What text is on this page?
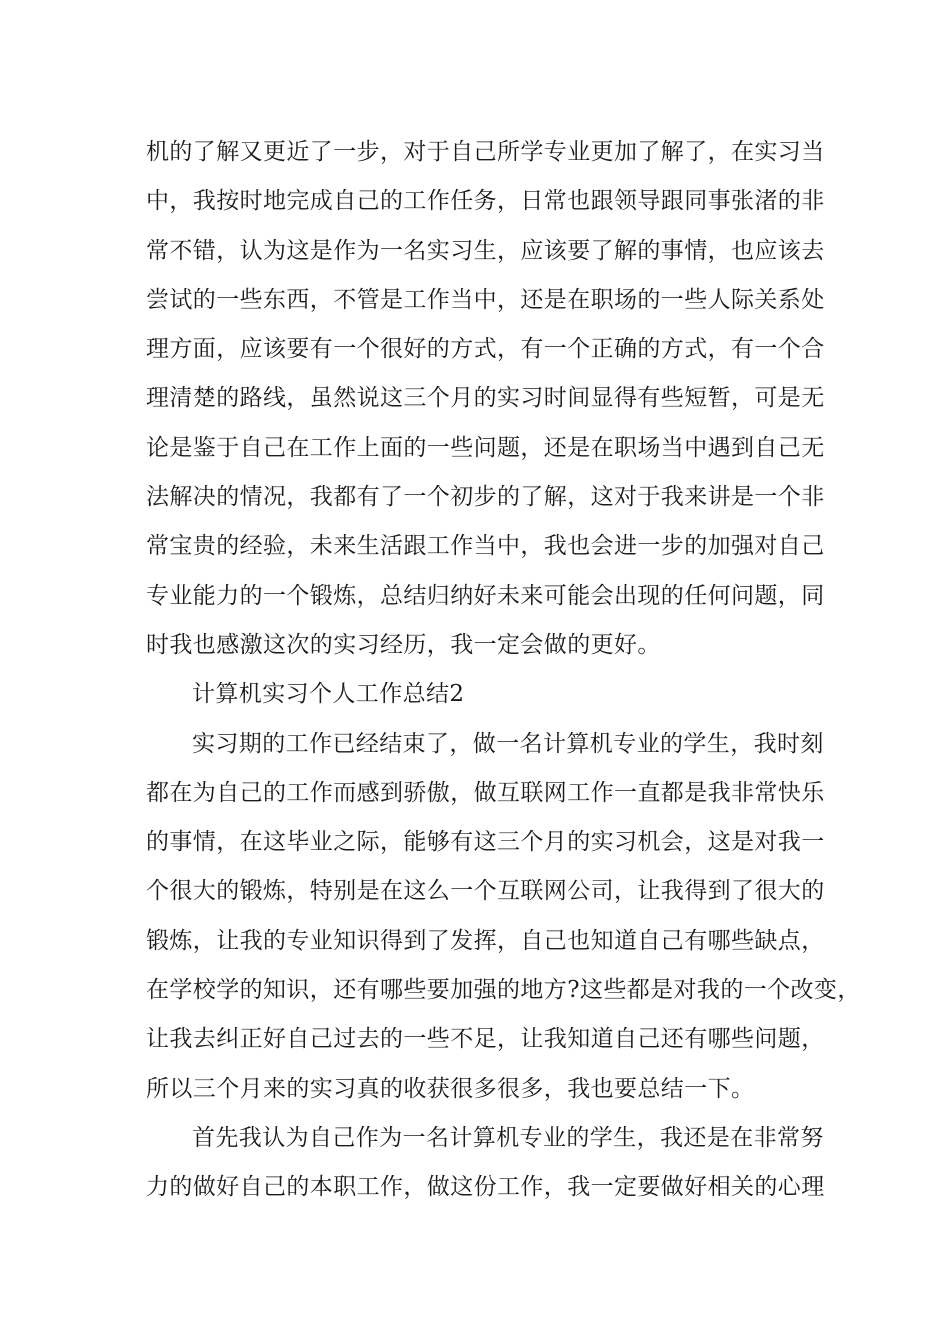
机的了解又更近了一步，对于自己所学专业更加了解了，在实习当
中，我按时地完成自己的工作任务，日常也跟领导跟同事张渚的非
常不错，认为这是作为一名实习生，应该要了解的事情，也应该去
尝试的一些东西，不管是工作当中，还是在职场的一些人际关系处
理方面，应该要有一个很好的方式，有一个正确的方式，有一个合
理清楚的路线，虽然说这三个月的实习时间显得有些短暂，可是无
论是鉴于自己在工作上面的一些问题，还是在职场当中遇到自己无
法解决的情况，我都有了一个初步的了解，这对于我来讲是一个非
常宝贵的经验，未来生活跟工作当中，我也会进一步的加强对自己
专业能力的一个锻炼，总结归纳好未来可能会出现的任何问题，同
时我也感激这次的实习经历，我一定会做的更好。
计算机实习个人工作总结2
实习期的工作已经结束了，做一名计算机专业的学生，我时刻
都在为自己的工作而感到骄傲，做互联网工作一直都是我非常快乐
的事情，在这毕业之际，能够有这三个月的实习机会，这是对我一
个很大的锻炼，特别是在这么一个互联网公司，让我得到了很大的
锻炼，让我的专业知识得到了发挥，自己也知道自己有哪些缺点，
在学校学的知识，还有哪些要加强的地方?这些都是对我的一个改变，
让我去纠正好自己过去的一些不足，让我知道自己还有哪些问题，
所以三个月来的实习真的收获很多很多，我也要总结一下。
首先我认为自己作为一名计算机专业的学生，我还是在非常努
力的做好自己的本职工作，做这份工作，我一定要做好相关的心理
